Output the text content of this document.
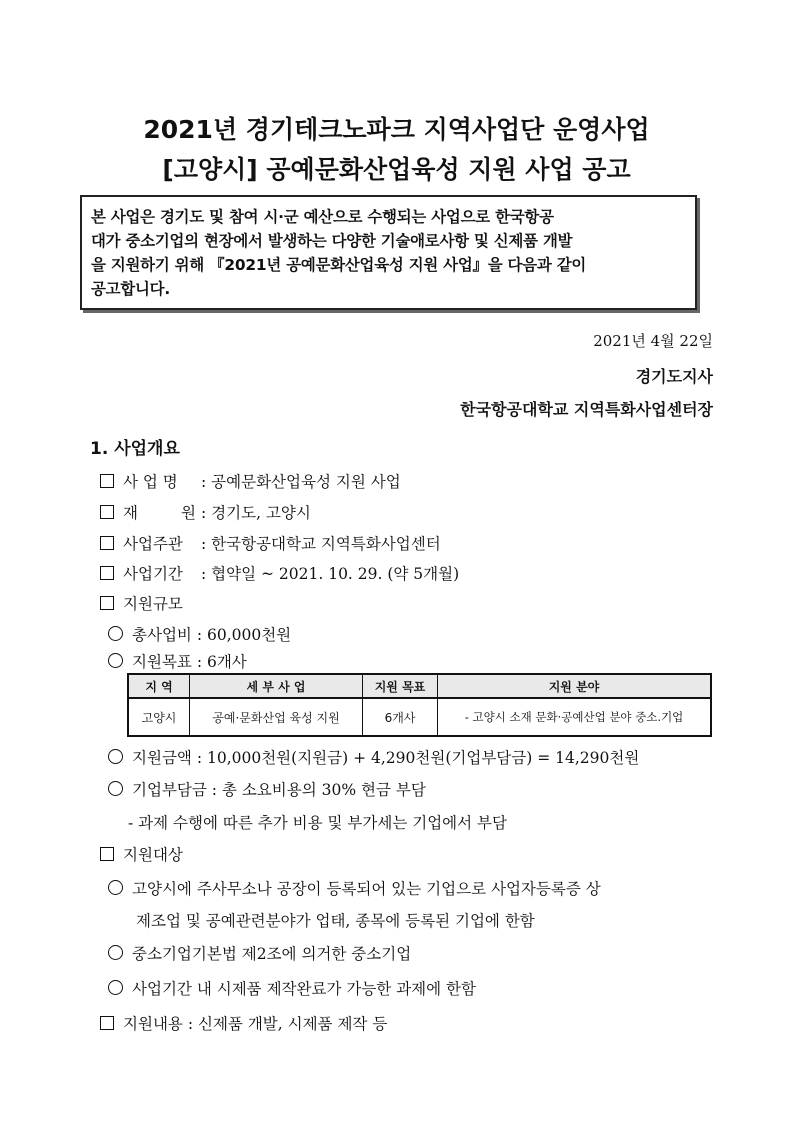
2021년 경기테크노파크 지역사업단 운영사업
[고양시] 공예문화산업육성 지원 사업 공고
본 사업은 경기도 및 참여 시·군 예산으로 수행되는 사업으로 한국항공
대가 중소기업의 현장에서 발생하는 다양한 기술애로사항 및 신제품 개발
을 지원하기 위해 『2021년 공예문화산업육성 지원 사업』을 다음과 같이
공고합니다.
2021년 4월 22일
경기도지사
한국항공대학교 지역특화사업센터장
1. 사업개요
사 업 명 : 공예문화산업육성 지원 사업
재	원 : 경기도, 고양시
사업주관 : 한국항공대학교 지역특화사업센터
사업기간 : 협약일 ~ 2021. 10. 29. (약 5개월)
지원규모
총사업비 : 60,000천원
지원목표 : 6개사
지 역	세 부 사 업	지원 목표	지원 분야
고양시	공예·문화산업 육성 지원	6개사	- 고양시 소재 문화·공예산업 분야 중소.기업
지원금액 : 10,000천원(지원금) + 4,290천원(기업부담금) = 14,290천원
기업부담금 : 총 소요비용의 30% 현금 부담
- 과제 수행에 따른 추가 비용 및 부가세는 기업에서 부담
지원대상
고양시에 주사무소나 공장이 등록되어 있는 기업으로 사업자등록증 상
제조업 및 공예관련분야가 업태, 종목에 등록된 기업에 한함
중소기업기본법 제2조에 의거한 중소기업
사업기간 내 시제품 제작완료가 가능한 과제에 한함
지원내용 : 신제품 개발, 시제품 제작 등
